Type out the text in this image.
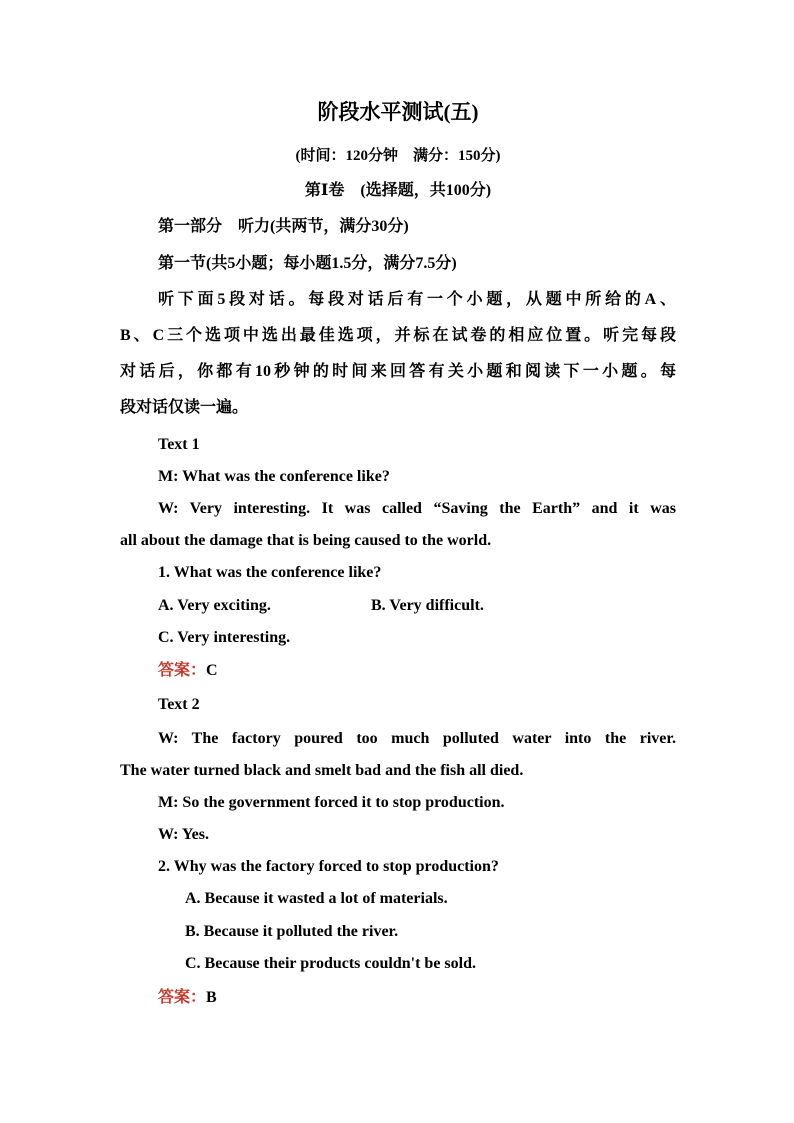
阶段水平测试(五)
(时间：120分钟　满分：150分)
第Ⅰ卷　(选择题，共100分)
第一部分　听力(共两节，满分30分)
第一节(共5小题；每小题1.5分，满分7.5分)
听下面5段对话。每段对话后有一个小题，从题中所给的A、
B、C三个选项中选出最佳选项，并标在试卷的相应位置。听完每段
对话后，你都有10秒钟的时间来回答有关小题和阅读下一小题。每
段对话仅读一遍。
Text 1
M: What was the conference like?
W: Very interesting. It was called “Saving the Earth” and it was
all about the damage that is being caused to the world.
1. What was the conference like?
A. Very exciting.	B. Very difficult.
C. Very interesting.
答案：C
Text 2
W: The factory poured too much polluted water into the river.
The water turned black and smelt bad and the fish all died.
M: So the government forced it to stop production.
W: Yes.
2. Why was the factory forced to stop production?
A. Because it wasted a lot of materials.
B. Because it polluted the river.
C. Because their products couldn't be sold.
答案：B
